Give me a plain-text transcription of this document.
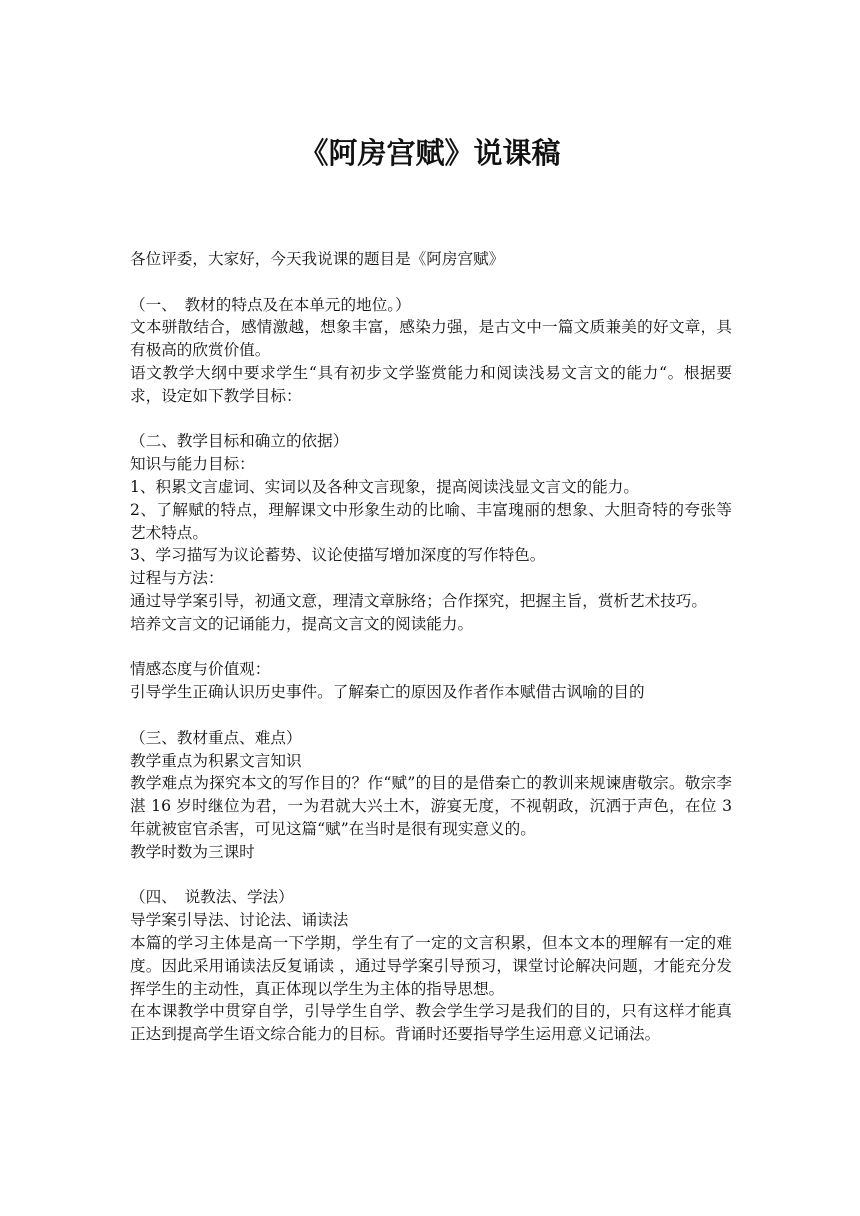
《阿房宫赋》说课稿

各位评委，大家好，今天我说课的题目是《阿房宫赋》

（一、　教材的特点及在本单元的地位。）

文本骈散结合，感情激越，想象丰富，感染力强，是古文中一篇文质兼美的好文章，具有极高的欣赏价值。

语文教学大纲中要求学生“具有初步文学鉴赏能力和阅读浅易文言文的能力“。根据要求，设定如下教学目标：

（二、教学目标和确立的依据）

知识与能力目标：

1、积累文言虚词、实词以及各种文言现象，提高阅读浅显文言文的能力。

2、了解赋的特点，理解课文中形象生动的比喻、丰富瑰丽的想象、大胆奇特的夸张等艺术特点。

3、学习描写为议论蓄势、议论使描写增加深度的写作特色。

过程与方法：

通过导学案引导，初通文意，理清文章脉络；合作探究，把握主旨，赏析艺术技巧。

培养文言文的记诵能力，提高文言文的阅读能力。

情感态度与价值观：

引导学生正确认识历史事件。了解秦亡的原因及作者作本赋借古讽喻的目的

（三、教材重点、难点）

教学重点为积累文言知识

教学难点为探究本文的写作目的？作“赋”的目的是借秦亡的教训来规谏唐敬宗。敬宗李湛 16 岁时继位为君，一为君就大兴土木，游宴无度，不视朝政，沉洒于声色，在位 3 年就被宦官杀害，可见这篇“赋”在当时是很有现实意义的。

教学时数为三课时

（四、　说教法、学法）

导学案引导法、讨论法、诵读法

本篇的学习主体是高一下学期，学生有了一定的文言积累，但本文本的理解有一定的难度。因此采用诵读法反复诵读 ，通过导学案引导预习，课堂讨论解决问题，才能充分发挥学生的主动性，真正体现以学生为主体的指导思想。

在本课教学中贯穿自学，引导学生自学、教会学生学习是我们的目的，只有这样才能真正达到提高学生语文综合能力的目标。背诵时还要指导学生运用意义记诵法。
